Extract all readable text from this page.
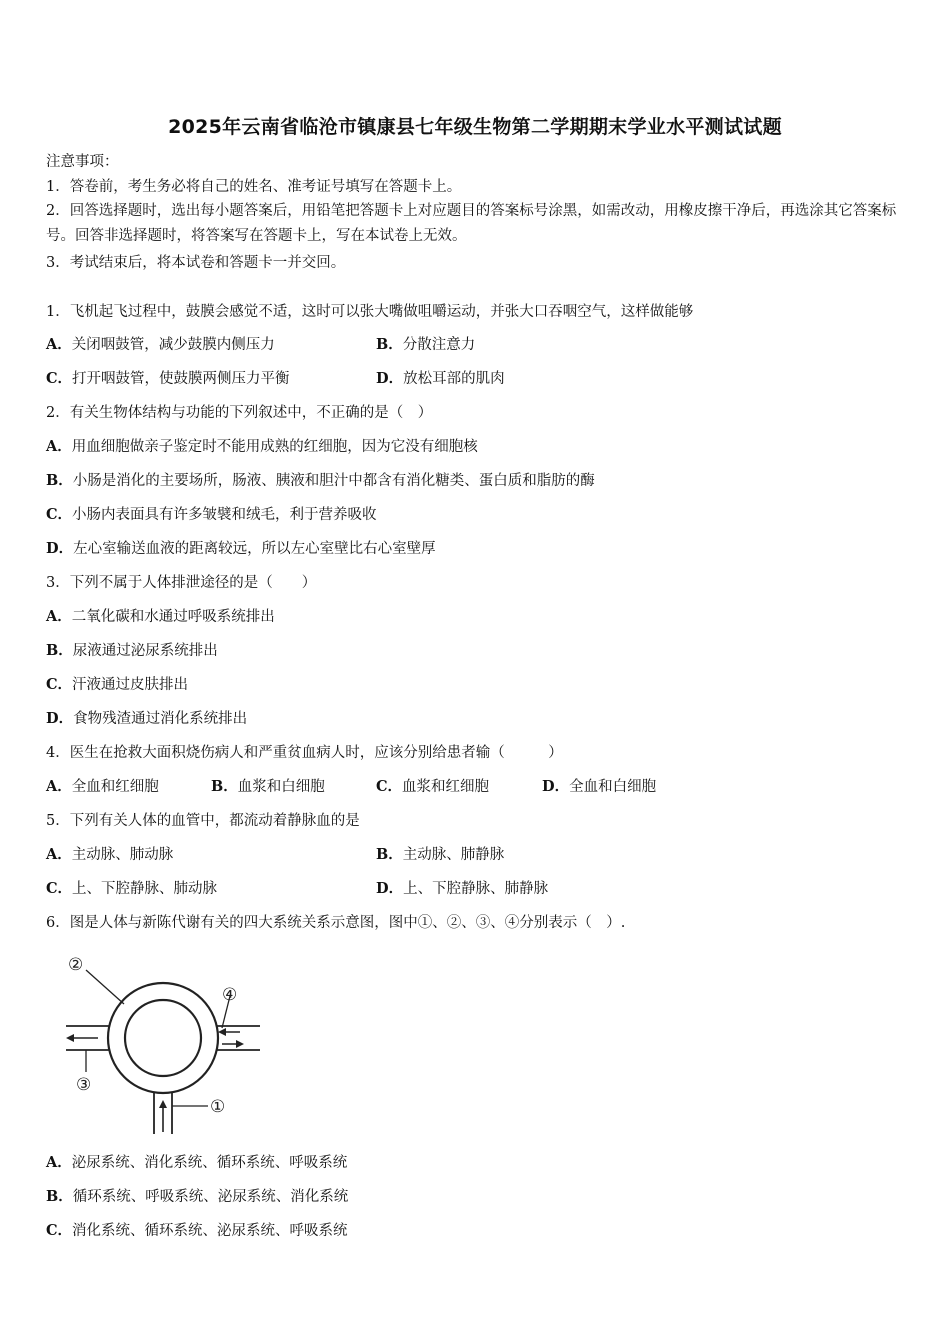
2025年云南省临沧市镇康县七年级生物第二学期期末学业水平测试试题
注意事项：
1．答卷前，考生务必将自己的姓名、准考证号填写在答题卡上。
2．回答选择题时，选出每小题答案后，用铅笔把答题卡上对应题目的答案标号涂黑，如需改动，用橡皮擦干净后，再选涂其它答案标号。回答非选择题时，将答案写在答题卡上，写在本试卷上无效。
3．考试结束后，将本试卷和答题卡一并交回。
1．飞机起飞过程中，鼓膜会感觉不适，这时可以张大嘴做咀嚼运动，并张大口吞咽空气，这样做能够
A．关闭咽鼓管，减少鼓膜内侧压力	B．分散注意力
C．打开咽鼓管，使鼓膜两侧压力平衡	D．放松耳部的肌肉
2．有关生物体结构与功能的下列叙述中，不正确的是（　）
A．用血细胞做亲子鉴定时不能用成熟的红细胞，因为它没有细胞核
B．小肠是消化的主要场所，肠液、胰液和胆汁中都含有消化糖类、蛋白质和脂肪的酶
C．小肠内表面具有许多皱襞和绒毛，利于营养吸收
D．左心室输送血液的距离较远，所以左心室壁比右心室壁厚
3．下列不属于人体排泄途径的是（　　）
A．二氧化碳和水通过呼吸系统排出
B．尿液通过泌尿系统排出
C．汗液通过皮肤排出
D．食物残渣通过消化系统排出
4．医生在抢救大面积烧伤病人和严重贫血病人时，应该分别给患者输（　　　）
A．全血和红细胞	B．血浆和白细胞	C．血浆和红细胞	D．全血和白细胞
5．下列有关人体的血管中，都流动着静脉血的是
A．主动脉、肺动脉	B．主动脉、肺静脉
C．上、下腔静脉、肺动脉	D．上、下腔静脉、肺静脉
6．图是人体与新陈代谢有关的四大系统关系示意图，图中①、②、③、④分别表示（　）.
②
④
③
①
A．泌尿系统、消化系统、循环系统、呼吸系统
B．循环系统、呼吸系统、泌尿系统、消化系统
C．消化系统、循环系统、泌尿系统、呼吸系统
